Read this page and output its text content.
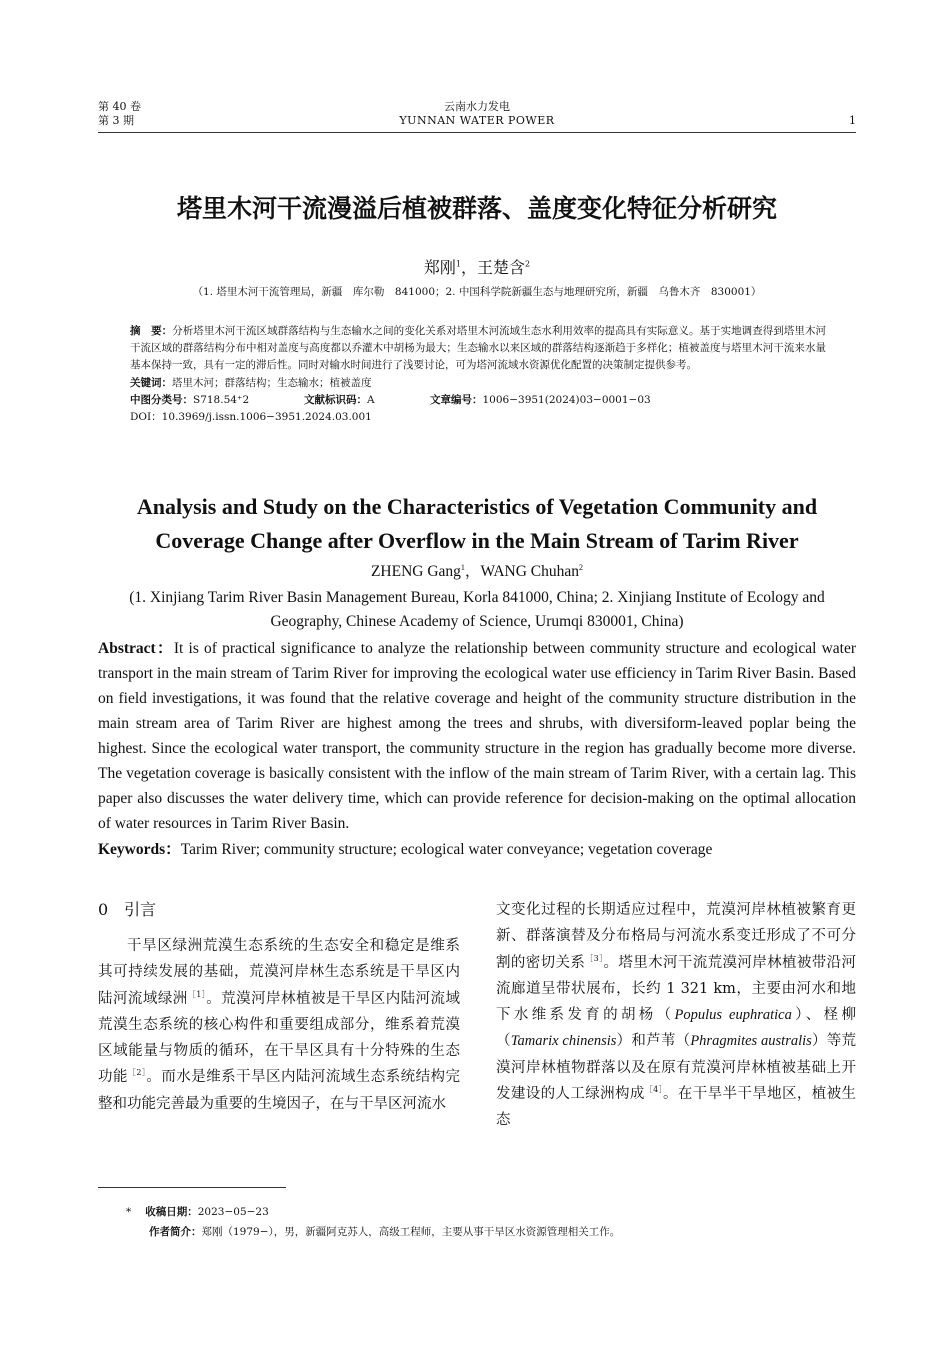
第 40 卷
第 3 期
云南水力发电
YUNNAN WATER POWER	1
塔里木河干流漫溢后植被群落、盖度变化特征分析研究
郑刚$^1$，王楚含$^2$
（1. 塔里木河干流管理局，新疆　库尔勒　841000；2. 中国科学院新疆生态与地理研究所，新疆　乌鲁木齐　830001）
摘　要：分析塔里木河干流区域群落结构与生态输水之间的变化关系对塔里木河流域生态水利用效率的提高具有实际意义。基于实地调查得到塔里木河干流区域的群落结构分布中相对盖度与高度都以乔灌木中胡杨为最大；生态输水以来区域的群落结构逐渐趋于多样化；植被盖度与塔里木河干流来水量基本保持一致，具有一定的滞后性。同时对输水时间进行了浅要讨论，可为塔河流域水资源优化配置的决策制定提供参考。
关键词：塔里木河；群落结构；生态输水；植被盖度
中图分类号：S718.54⁺2	文献标识码：A	文章编号：1006−3951(2024)03−0001−03
DOI：10.3969/j.issn.1006−3951.2024.03.001
Analysis and Study on the Characteristics of Vegetation Community and
Coverage Change after Overflow in the Main Stream of Tarim River
ZHENG Gang$^1$，WANG Chuhan$^2$
(1. Xinjiang Tarim River Basin Management Bureau, Korla 841000, China; 2. Xinjiang Institute of Ecology and Geography, Chinese Academy of Science, Urumqi 830001, China)
Abstract：It is of practical significance to analyze the relationship between community structure and ecological water transport in the main stream of Tarim River for improving the ecological water use efficiency in Tarim River Basin. Based on field investigations, it was found that the relative coverage and height of the community structure distribution in the main stream area of Tarim River are highest among the trees and shrubs, with diversiform-leaved poplar being the highest. Since the ecological water transport, the community structure in the region has gradually become more diverse. The vegetation coverage is basically consistent with the inflow of the main stream of Tarim River, with a certain lag. This paper also discusses the water delivery time, which can provide reference for decision-making on the optimal allocation of water resources in Tarim River Basin.
Keywords：Tarim River; community structure; ecological water conveyance; vegetation coverage
0　引言
干旱区绿洲荒漠生态系统的生态安全和稳定是维系其可持续发展的基础，荒漠河岸林生态系统是干旱区内陆河流域绿洲$^{[1]}$。荒漠河岸林植被是干旱区内陆河流域荒漠生态系统的核心构件和重要组成部分，维系着荒漠区域能量与物质的循环，在干旱区具有十分特殊的生态功能$^{[2]}$。而水是维系干旱区内陆河流域生态系统结构完整和功能完善最为重要的生境因子，在与干旱区河流水
文变化过程的长期适应过程中，荒漠河岸林植被繁育更新、群落演替及分布格局与河流水系变迁形成了不可分割的密切关系$^{[3]}$。塔里木河干流荒漠河岸林植被带沿河流廊道呈带状展布，长约 1 321 km，主要由河水和地下水维系发育的胡杨（Populus euphratica）、柽柳（Tamarix chinensis）和芦苇（Phragmites australis）等荒漠河岸林植物群落以及在原有荒漠河岸林植被基础上开发建设的人工绿洲构成$^{[4]}$。在干旱半干旱地区，植被生态
* 收稿日期：2023−05−23
作者简介：郑刚（1979−），男，新疆阿克苏人，高级工程师，主要从事干旱区水资源管理相关工作。
